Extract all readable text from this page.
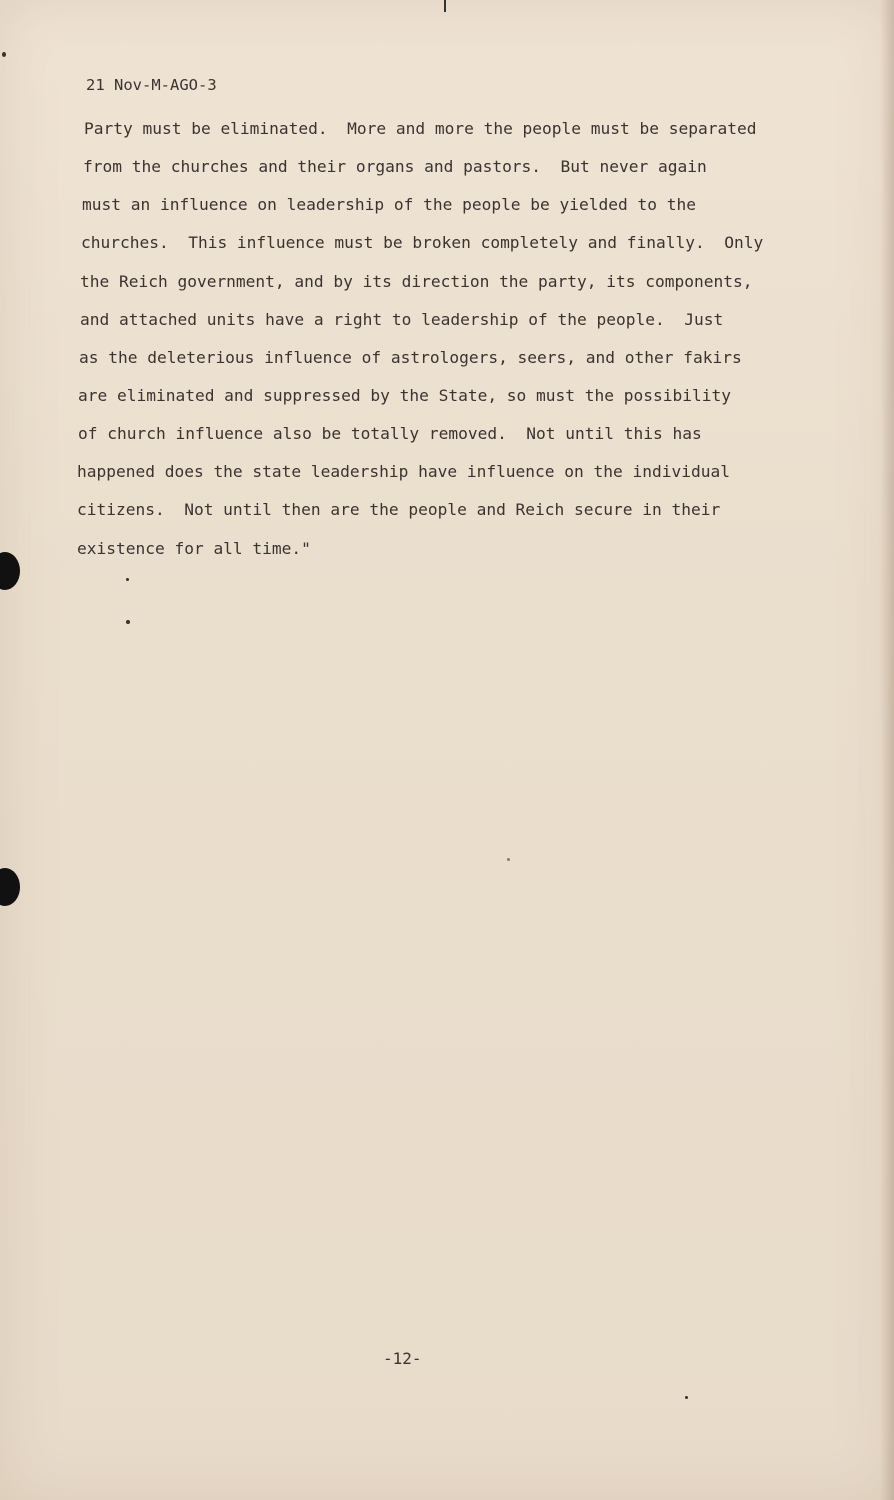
21 Nov-M-AGO-3
Party must be eliminated.  More and more the people must be separated
from the churches and their organs and pastors.  But never again
must an influence on leadership of the people be yielded to the
churches.  This influence must be broken completely and finally.  Only
the Reich government, and by its direction the party, its components,
and attached units have a right to leadership of the people.  Just
as the deleterious influence of astrologers, seers, and other fakirs
are eliminated and suppressed by the State, so must the possibility
of church influence also be totally removed.  Not until this has
happened does the state leadership have influence on the individual
citizens.  Not until then are the people and Reich secure in their
existence for all time."
-12-
